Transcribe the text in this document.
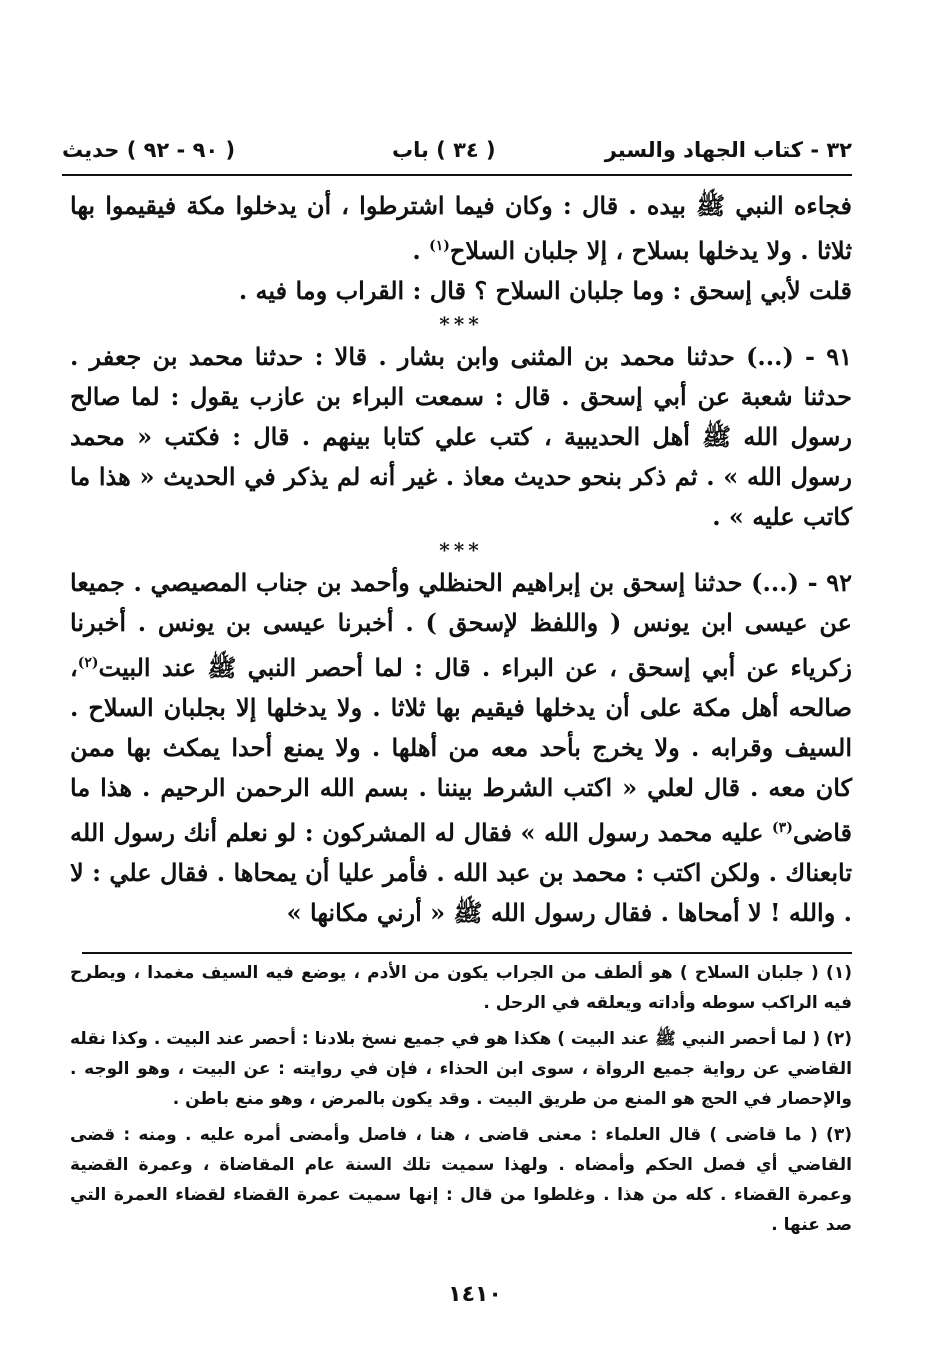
٣٢ - كتاب الجهاد والسير
( ٣٤ ) باب
( ٩٠ - ٩٢ ) حديث

فجاءه النبي ﷺ بيده . قال : وكان فيما اشترطوا ، أن يدخلوا مكة فيقيموا بها ثلاثا . ولا يدخلها بسلاح ، إلا جلبان السلاح$^{(١)}$ .

قلت لأبي إسحق : وما جلبان السلاح ؟ قال : القراب وما فيه .

***

٩١ - (...) حدثنا محمد بن المثنى وابن بشار . قالا : حدثنا محمد بن جعفر . حدثنا شعبة عن أبي إسحق . قال : سمعت البراء بن عازب يقول : لما صالح رسول الله ﷺ أهل الحديبية ، كتب علي كتابا بينهم . قال : فكتب « محمد رسول الله » . ثم ذكر بنحو حديث معاذ . غير أنه لم يذكر في الحديث « هذا ما كاتب عليه » .

***

٩٢ - (...) حدثنا إسحق بن إبراهيم الحنظلي وأحمد بن جناب المصيصي . جميعا عن عيسى ابن يونس ( واللفظ لإسحق ) . أخبرنا عيسى بن يونس . أخبرنا زكرياء عن أبي إسحق ، عن البراء . قال : لما أحصر النبي ﷺ عند البيت$^{(٢)}$، صالحه أهل مكة على أن يدخلها فيقيم بها ثلاثا . ولا يدخلها إلا بجلبان السلاح . السيف وقرابه . ولا يخرج بأحد معه من أهلها . ولا يمنع أحدا يمكث بها ممن كان معه . قال لعلي « اكتب الشرط بيننا . بسم الله الرحمن الرحيم . هذا ما قاضى$^{(٣)}$ عليه محمد رسول الله » فقال له المشركون : لو نعلم أنك رسول الله تابعناك . ولكن اكتب : محمد بن عبد الله . فأمر عليا أن يمحاها . فقال علي : لا . والله ! لا أمحاها . فقال رسول الله ﷺ « أرني مكانها »

(١) ( جلبان السلاح ) هو ألطف من الجراب يكون من الأدم ، يوضع فيه السيف مغمدا ، ويطرح فيه الراكب سوطه وأداته ويعلقه في الرحل .

(٢) ( لما أحصر النبي ﷺ عند البيت ) هكذا هو في جميع نسخ بلادنا : أحصر عند البيت . وكذا نقله القاضي عن رواية جميع الرواة ، سوى ابن الحذاء ، فإن في روايته : عن البيت ، وهو الوجه . والإحصار في الحج هو المنع من طريق البيت . وقد يكون بالمرض ، وهو منع باطن .

(٣) ( ما قاضى ) قال العلماء : معنى قاضى ، هنا ، فاصل وأمضى أمره عليه . ومنه : قضى القاضي أي فصل الحكم وأمضاه . ولهذا سميت تلك السنة عام المقاضاة ، وعمرة القضية وعمرة القضاء . كله من هذا . وغلطوا من قال : إنها سميت عمرة القضاء لقضاء العمرة التي صد عنها .

١٤١٠
